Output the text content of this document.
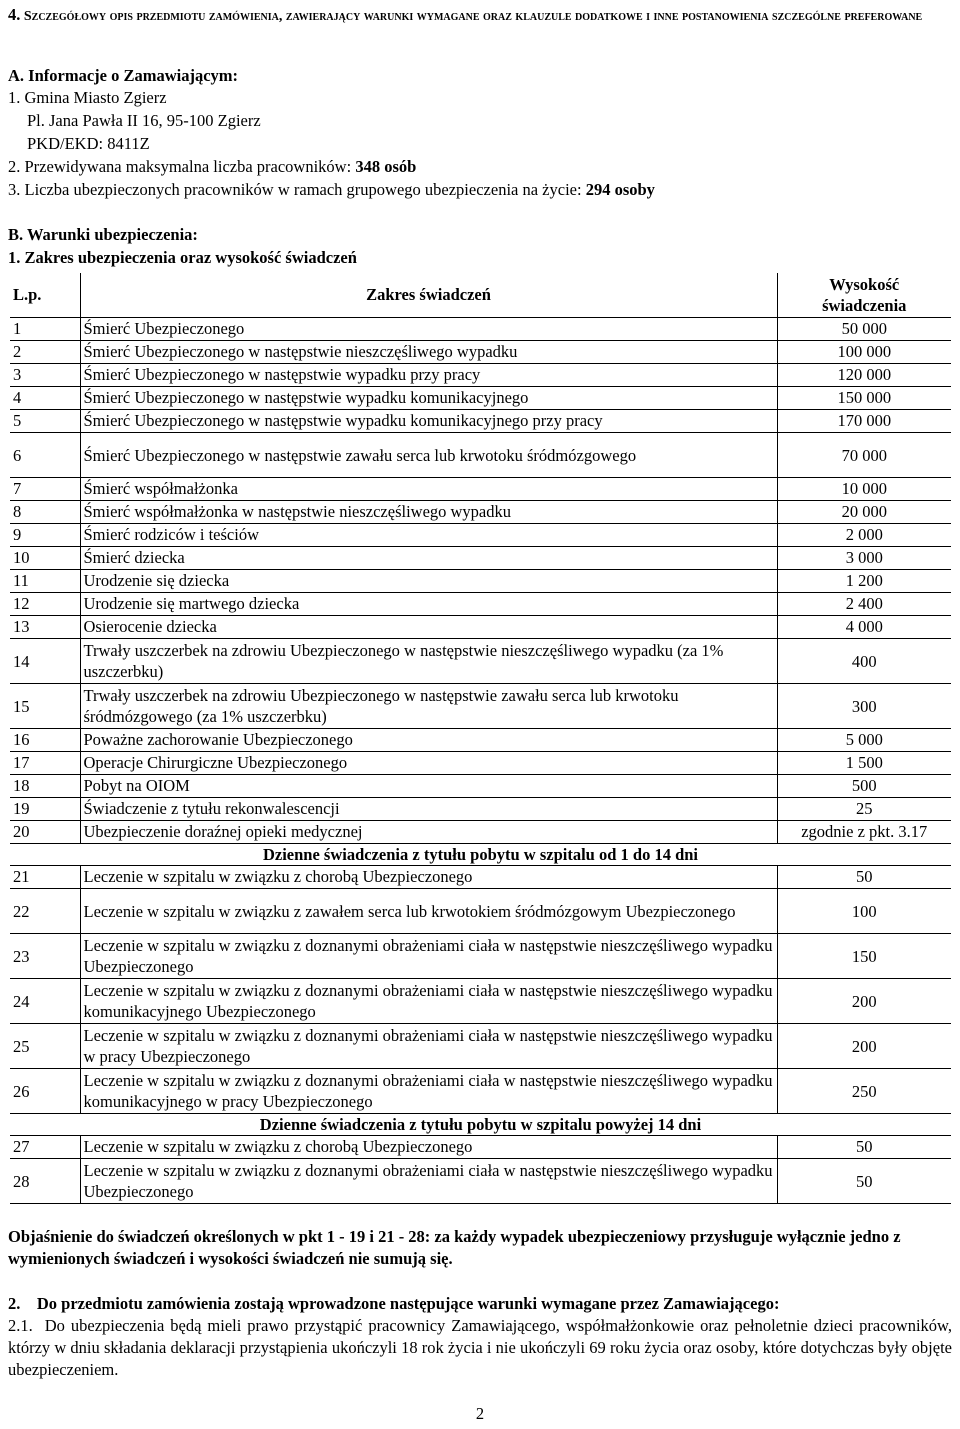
4. Szczegółowy opis przedmiotu zamówienia, zawierający warunki wymagane oraz klauzule dodatkowe i inne postanowienia szczególne preferowane
A. Informacje o Zamawiającym:
1. Gmina Miasto Zgierz
Pl. Jana Pawła II 16, 95-100 Zgierz
PKD/EKD: 8411Z
2. Przewidywana maksymalna liczba pracowników: 348 osób
3. Liczba ubezpieczonych pracowników w ramach grupowego ubezpieczenia na życie: 294 osoby
B. Warunki ubezpieczenia:
1. Zakres ubezpieczenia oraz wysokość świadczeń
L.p.	Zakres świadczeń	Wysokość
świadczenia
1	Śmierć Ubezpieczonego	50 000
2	Śmierć Ubezpieczonego w następstwie nieszczęśliwego wypadku	100 000
3	Śmierć Ubezpieczonego w następstwie wypadku przy pracy	120 000
4	Śmierć Ubezpieczonego w następstwie wypadku komunikacyjnego	150 000
5	Śmierć Ubezpieczonego w następstwie wypadku komunikacyjnego przy pracy	170 000
6	Śmierć Ubezpieczonego w następstwie zawału serca lub krwotoku śródmózgowego	70 000
7	Śmierć współmałżonka	10 000
8	Śmierć współmałżonka w następstwie nieszczęśliwego wypadku	20 000
9	Śmierć rodziców i teściów	2 000
10	Śmierć dziecka	3 000
11	Urodzenie się dziecka	1 200
12	Urodzenie się martwego dziecka	2 400
13	Osierocenie dziecka	4 000
14	Trwały uszczerbek na zdrowiu Ubezpieczonego w następstwie nieszczęśliwego wypadku (za 1% uszczerbku)	400
15	Trwały uszczerbek na zdrowiu Ubezpieczonego w następstwie zawału serca lub krwotoku śródmózgowego (za 1% uszczerbku)	300
16	Poważne zachorowanie Ubezpieczonego	5 000
17	Operacje Chirurgiczne Ubezpieczonego	1 500
18	Pobyt na OIOM	500
19	Świadczenie z tytułu rekonwalescencji	25
20	Ubezpieczenie doraźnej opieki medycznej	zgodnie z pkt. 3.17
Dzienne świadczenia z tytułu pobytu w szpitalu od 1 do 14 dni		
21	Leczenie w szpitalu w związku z chorobą Ubezpieczonego	50
22	Leczenie w szpitalu w związku z zawałem serca lub krwotokiem śródmózgowym Ubezpieczonego	100
23	Leczenie w szpitalu w związku z doznanymi obrażeniami ciała w następstwie nieszczęśliwego wypadku Ubezpieczonego	150
24	Leczenie w szpitalu w związku z doznanymi obrażeniami ciała w następstwie nieszczęśliwego wypadku komunikacyjnego Ubezpieczonego	200
25	Leczenie w szpitalu w związku z doznanymi obrażeniami ciała w następstwie nieszczęśliwego wypadku w pracy Ubezpieczonego	200
26	Leczenie w szpitalu w związku z doznanymi obrażeniami ciała w następstwie nieszczęśliwego wypadku komunikacyjnego w pracy Ubezpieczonego	250
Dzienne świadczenia z tytułu pobytu w szpitalu powyżej 14 dni		
27	Leczenie w szpitalu w związku z chorobą Ubezpieczonego	50
28	Leczenie w szpitalu w związku z doznanymi obrażeniami ciała w następstwie nieszczęśliwego wypadku Ubezpieczonego	50
Objaśnienie do świadczeń określonych w pkt 1 - 19 i 21 - 28: za każdy wypadek ubezpieczeniowy przysługuje wyłącznie jedno z wymienionych świadczeń i wysokości świadczeń nie sumują się.
2.    Do przedmiotu zamówienia zostają wprowadzone następujące warunki wymagane przez Zamawiającego:
2.1. Do ubezpieczenia będą mieli prawo przystąpić pracownicy Zamawiającego, współmałżonkowie oraz pełnoletnie dzieci pracowników, którzy w dniu składania deklaracji przystąpienia ukończyli 18 rok życia i nie ukończyli 69 roku życia oraz osoby, które dotychczas były objęte ubezpieczeniem.
2
